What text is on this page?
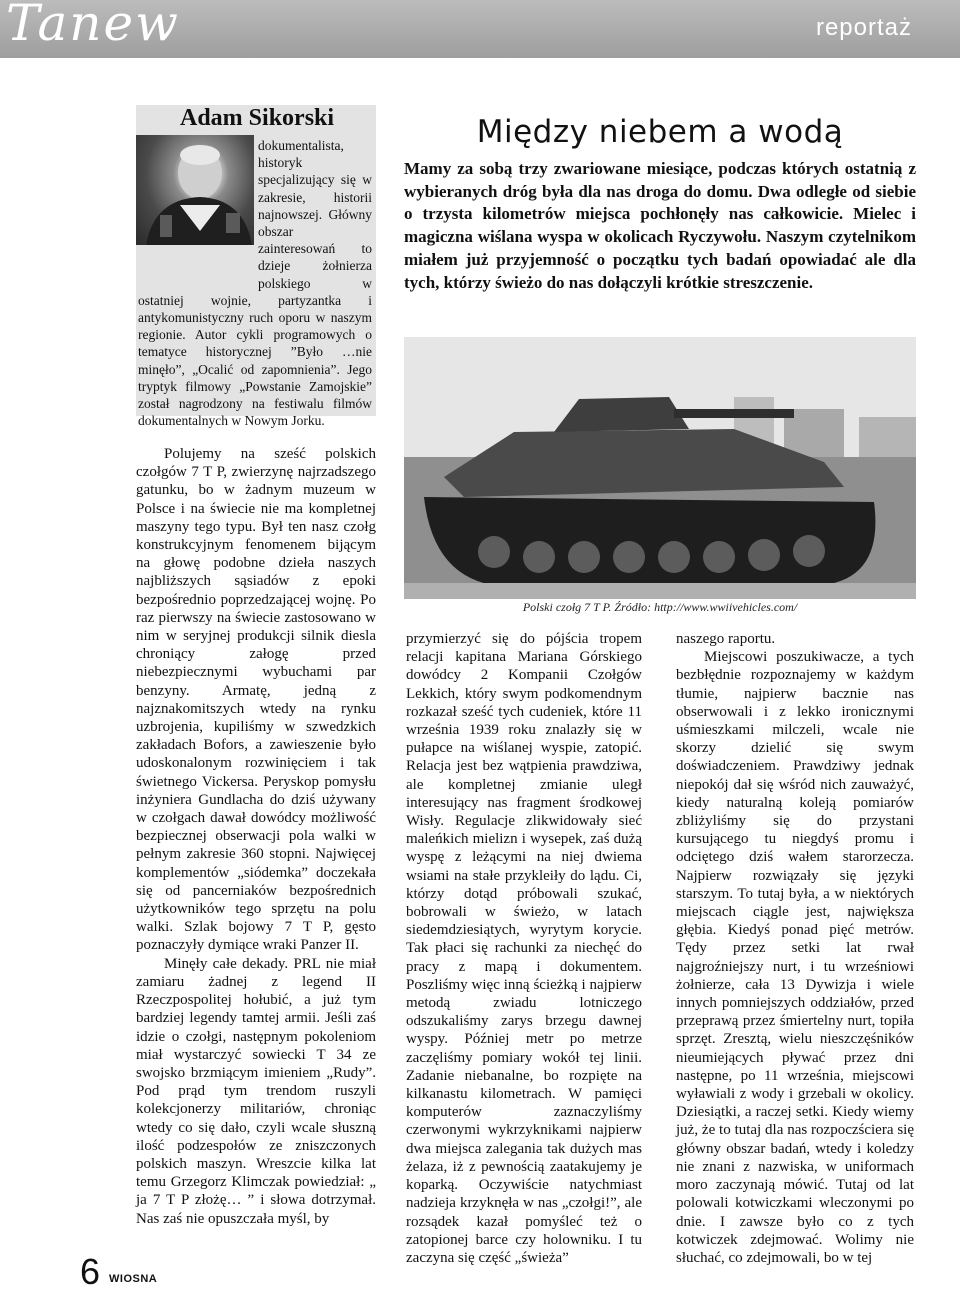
Tanew	reportaż
Adam Sikorski
dokumentalista, historyk specjalizujący się w zakresie, historii najnowszej. Główny obszar zainteresowań to dzieje żołnierza polskiego w ostatniej wojnie, partyzantka i antykomunistyczny ruch oporu w naszym regionie. Autor cykli programowych o tematyce historycznej ”Było …nie minęło”, „Ocalić od zapomnienia”. Jego tryptyk filmowy „Powstanie Zamojskie” został nagrodzony na festiwalu filmów dokumentalnych w Nowym Jorku.
Między niebem a wodą
Mamy za sobą trzy zwariowane miesiące, podczas których ostatnią z wybieranych dróg była dla nas droga do domu. Dwa odległe od siebie o trzysta kilometrów miejsca pochłonęły nas całkowicie. Mielec i magiczna wiślana wyspa w okolicach Ryczywołu. Naszym czytelnikom miałem już przyjemność o początku tych badań opowiadać ale dla tych, którzy świeżo do nas dołączyli krótkie streszczenie.
Polski czołg 7 T P. Źródło: http://www.wwiivehicles.com/

Polujemy na sześć polskich czołgów 7 T P, zwierzynę najrzadszego gatunku, bo w żadnym muzeum w Polsce i na świecie nie ma kompletnej maszyny tego typu. Był ten nasz czołg konstrukcyjnym fenomenem bijącym na głowę podobne dzieła naszych najbliższych sąsiadów z epoki bezpośrednio poprzedzającej wojnę. Po raz pierwszy na świecie zastosowano w nim w seryjnej produkcji silnik diesla chroniący załogę przed niebezpiecznymi wybuchami par benzyny. Armatę, jedną z najznakomitszych wtedy na rynku uzbrojenia, kupiliśmy w szwedzkich zakładach Bofors, a zawieszenie było udoskonalonym rozwinięciem i tak świetnego Vickersa. Peryskop pomysłu inżyniera Gundlacha do dziś używany w czołgach dawał dowódcy możliwość bezpiecznej obserwacji pola walki w pełnym zakresie 360 stopni. Najwięcej komplementów „siódemka” doczekała się od pancerniaków bezpośrednich użytkowników tego sprzętu na polu walki. Szlak bojowy 7 T P, gęsto poznaczyły dymiące wraki Panzer II.

Minęły całe dekady. PRL nie miał zamiaru żadnej z legend II Rzeczpospolitej hołubić, a już tym bardziej legendy tamtej armii. Jeśli zaś idzie o czołgi, następnym pokoleniom miał wystarczyć sowiecki T 34 ze swojsko brzmiącym imieniem „Rudy”. Pod prąd tym trendom ruszyli kolekcjonerzy militariów, chroniąc wtedy co się dało, czyli wcale słuszną ilość podzespołów ze zniszczonych polskich maszyn. Wreszcie kilka lat temu Grzegorz Klimczak powiedział: „ ja 7 T P złożę… ” i słowa dotrzymał. Nas zaś nie opuszczała myśl, by

przymierzyć się do pójścia tropem relacji kapitana Mariana Górskiego dowódcy 2 Kompanii Czołgów Lekkich, który swym podkomendnym rozkazał sześć tych cudeniek, które 11 września 1939 roku znalazły się w pułapce na wiślanej wyspie, zatopić. Relacja jest bez wątpienia prawdziwa, ale kompletnej zmianie uległ interesujący nas fragment środkowej Wisły. Regulacje zlikwidowały sieć maleńkich mielizn i wysepek, zaś dużą wyspę z leżącymi na niej dwiema wsiami na stałe przykleiły do lądu. Ci, którzy dotąd próbowali szukać, bobrowali w świeżo, w latach siedemdziesiątych, wyrytym korycie. Tak płaci się rachunki za niechęć do pracy z mapą i dokumentem. Poszliśmy więc inną ścieżką i najpierw metodą zwiadu lotniczego odszukaliśmy zarys brzegu dawnej wyspy. Później metr po metrze zaczęliśmy pomiary wokół tej linii. Zadanie niebanalne, bo rozpięte na kilkanastu kilometrach. W pamięci komputerów zaznaczyliśmy czerwonymi wykrzyknikami najpierw dwa miejsca zalegania tak dużych mas żelaza, iż z pewnością zaatakujemy je koparką. Oczywiście natychmiast nadzieja krzyknęła w nas „czołgi!”, ale rozsądek kazał pomyśleć też o zatopionej barce czy holowniku. I tu zaczyna się część „świeża”

naszego raportu.

Miejscowi poszukiwacze, a tych bezbłędnie rozpoznajemy w każdym tłumie, najpierw bacznie nas obserwowali i z lekko ironicznymi uśmieszkami milczeli, wcale nie skorzy dzielić się swym doświadczeniem. Prawdziwy jednak niepokój dał się wśród nich zauważyć, kiedy naturalną koleją pomiarów zbliżyliśmy się do przystani kursującego tu niegdyś promu i odciętego dziś wałem starorzecza. Najpierw rozwiązały się języki starszym. To tutaj była, a w niektórych miejscach ciągle jest, największa głębia. Kiedyś ponad pięć metrów. Tędy przez setki lat rwał najgroźniejszy nurt, i tu wrześniowi żołnierze, cała 13 Dywizja i wiele innych pomniejszych oddziałów, przed przeprawą przez śmiertelny nurt, topiła sprzęt. Zresztą, wielu nieszczęśników nieumiejących pływać przez dni następne, po 11 września, miejscowi wyławiali z wody i grzebali w okolicy. Dziesiątki, a raczej setki. Kiedy wiemy już, że to tutaj dla nas rozpoczściera się główny obszar badań, wtedy i koledzy nie znani z nazwiska, w uniformach moro zaczynają mówić. Tutaj od lat polowali kotwiczkami wleczonymi po dnie. I zawsze było co z tych kotwiczek zdejmować. Wolimy nie słuchać, co zdejmowali, bo w tej

6 WIOSNA
